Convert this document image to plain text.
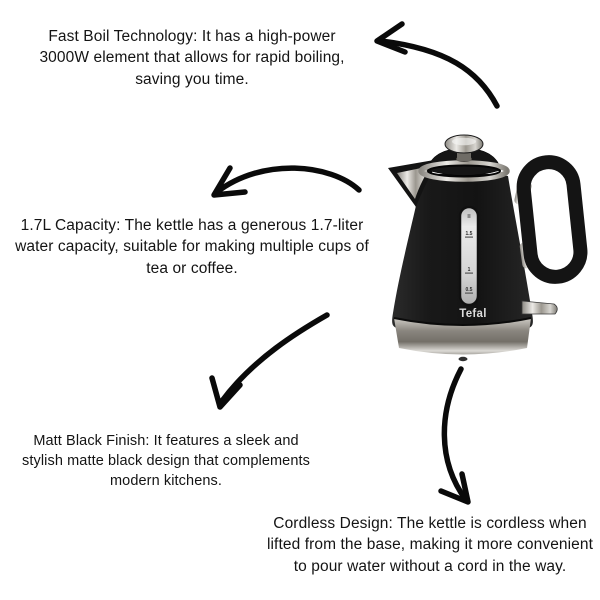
Fast Boil Technology: It has a high-power 3000W element that allows for rapid boiling, saving you time.
1.7L Capacity: The kettle has a generous 1.7-liter water capacity, suitable for making multiple cups of tea or coffee.
Matt Black Finish: It features a sleek and stylish matte black design that complements modern kitchens.
Cordless Design: The kettle is cordless when lifted from the base, making it more convenient to pour water without a cord in the way.
1.5
1
0.5
Tefal
